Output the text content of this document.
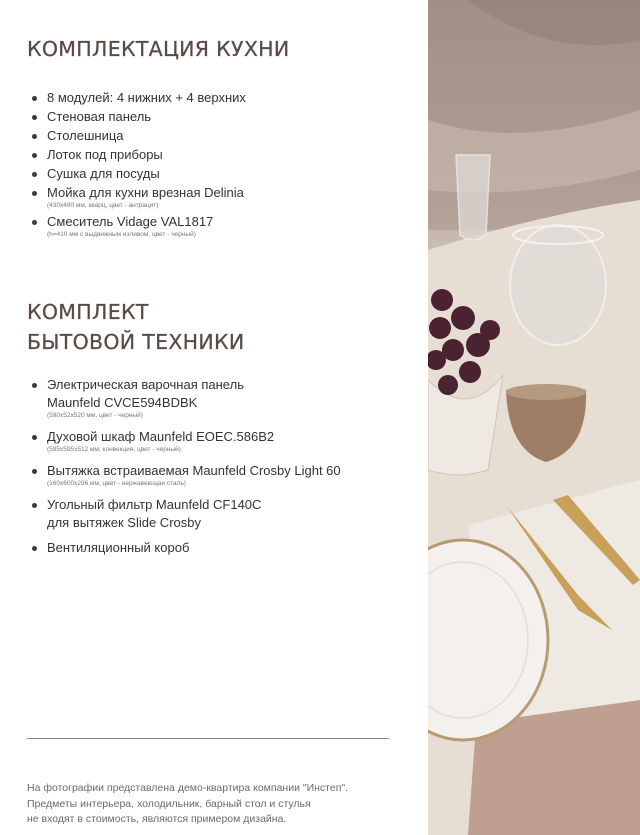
КОМПЛЕКТАЦИЯ КУХНИ
8 модулей: 4 нижних + 4 верхних
Стеновая панель
Столешница
Лоток под приборы
Сушка для посуды
Мойка для кухни врезная Delinia
(430x480 мм, кварц, цвет - антрацит)
Смеситель Vidage VAL1817
(h=410 мм с выдвижным изливом, цвет - черный)
КОМПЛЕКТ
БЫТОВОЙ ТЕХНИКИ
Электрическая варочная панель
Maunfeld CVCE594BDBK
(590x52x520 мм, цвет - черный)
Духовой шкаф Maunfeld EOEC.586B2
(595x595x512 мм, конвекция, цвет - черный)
Вытяжка встраиваемая Maunfeld Crosby Light 60
(160x600x296 мм, цвет - нержавеющая сталь)
Угольный фильтр Maunfeld CF140C
для вытяжек Slide Crosby
Вентиляционный короб

На фотографии представлена демо-квартира компании "Инстеп".
Предметы интерьера, холодильник, барный стол и стулья
не входят в стоимость, являются примером дизайна.
